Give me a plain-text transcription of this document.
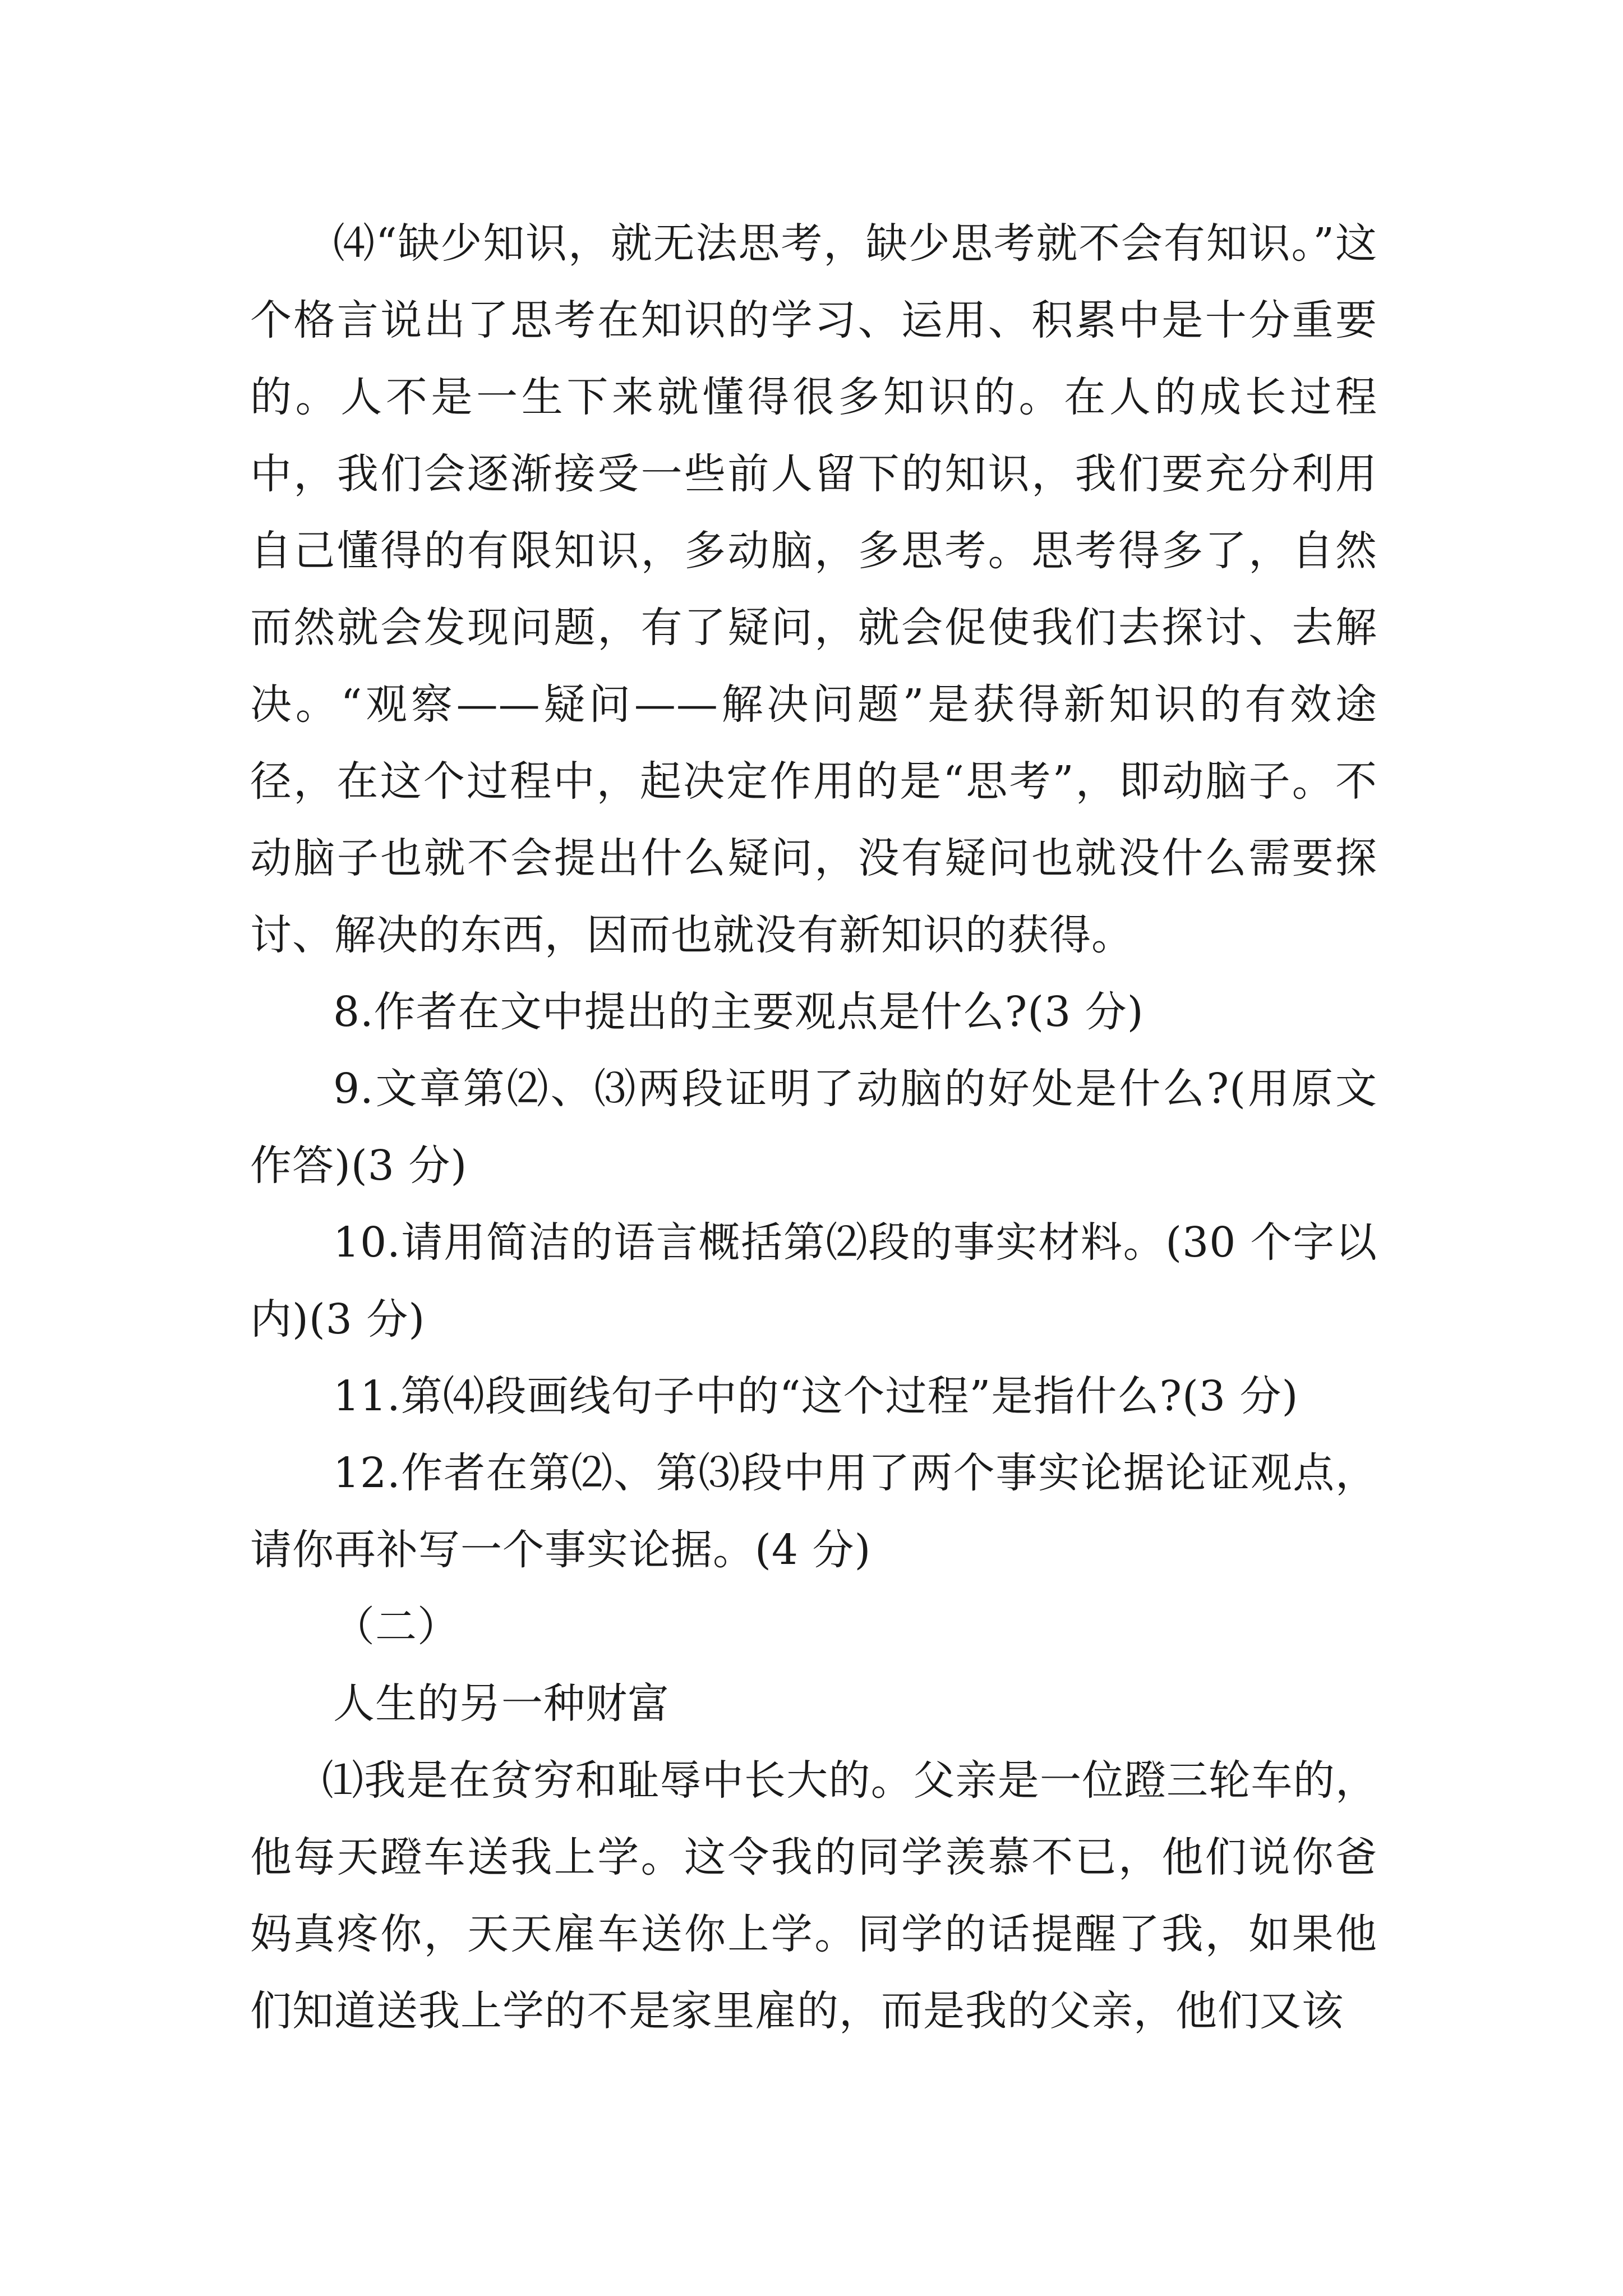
⑷“缺少知识，就无法思考，缺少思考就不会有知识。”这个格言说出了思考在知识的学习、运用、积累中是十分重要的。人不是一生下来就懂得很多知识的。在人的成长过程中，我们会逐渐接受一些前人留下的知识，我们要充分利用自己懂得的有限知识，多动脑，多思考。思考得多了，自然而然就会发现问题，有了疑问，就会促使我们去探讨、去解决。“观察——疑问——解决问题”是获得新知识的有效途径，在这个过程中，起决定作用的是“思考”，即动脑子。不动脑子也就不会提出什么疑问，没有疑问也就没什么需要探讨、解决的东西，因而也就没有新知识的获得。

8.作者在文中提出的主要观点是什么?(3 分)

9.文章第⑵、⑶两段证明了动脑的好处是什么?(用原文作答)(3 分)

10.请用简洁的语言概括第⑵段的事实材料。(30 个字以内)(3 分)

11.第⑷段画线句子中的“这个过程”是指什么?(3 分)

12.作者在第⑵、第⑶段中用了两个事实论据论证观点，请你再补写一个事实论据。(4 分)

（二）

人生的另一种财富

⑴我是在贫穷和耻辱中长大的。父亲是一位蹬三轮车的，他每天蹬车送我上学。这令我的同学羡慕不已，他们说你爸妈真疼你，天天雇车送你上学。同学的话提醒了我，如果他们知道送我上学的不是家里雇的，而是我的父亲，他们又该
